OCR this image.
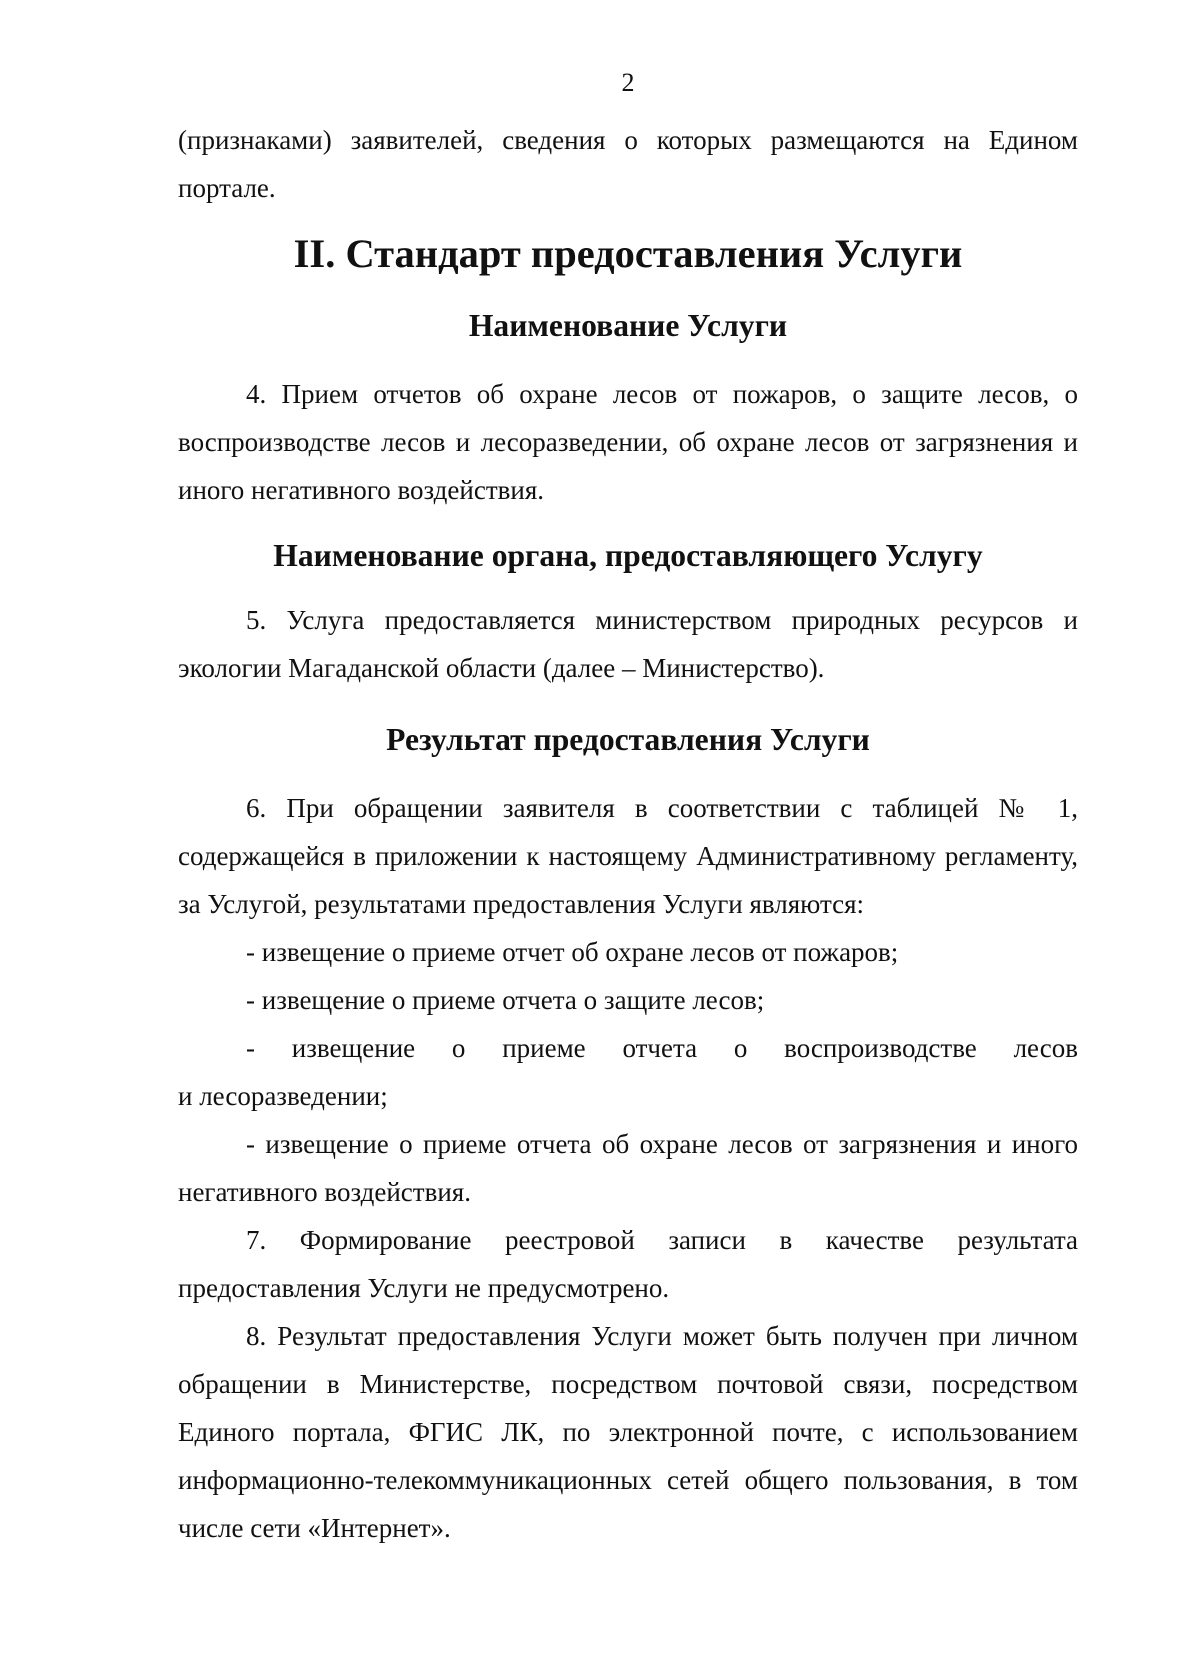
2

(признаками) заявителей, сведения о которых размещаются на Едином портале.

II. Стандарт предоставления Услуги
Наименование Услуги

4. Прием отчетов об охране лесов от пожаров, о защите лесов, о воспроизводстве лесов и лесоразведении, об охране лесов от загрязнения и иного негативного воздействия.

Наименование органа, предоставляющего Услугу

5. Услуга предоставляется министерством природных ресурсов и экологии Магаданской области (далее – Министерство).

Результат предоставления Услуги

6. При обращении заявителя в соответствии с таблицей № 1, содержащейся в приложении к настоящему Административному регламенту, за Услугой, результатами предоставления Услуги являются:

- извещение о приеме отчет об охране лесов от пожаров;

- извещение о приеме отчета о защите лесов;

- извещение о приеме отчета о воспроизводстве лесов

и лесоразведении;

- извещение о приеме отчета об охране лесов от загрязнения и иного негативного воздействия.

7. Формирование реестровой записи в качестве результата предоставления Услуги не предусмотрено.

8. Результат предоставления Услуги может быть получен при личном обращении в Министерстве, посредством почтовой связи, посредством Единого портала, ФГИС ЛК, по электронной почте, с использованием информационно-телекоммуникационных сетей общего пользования, в том числе сети «Интернет».
